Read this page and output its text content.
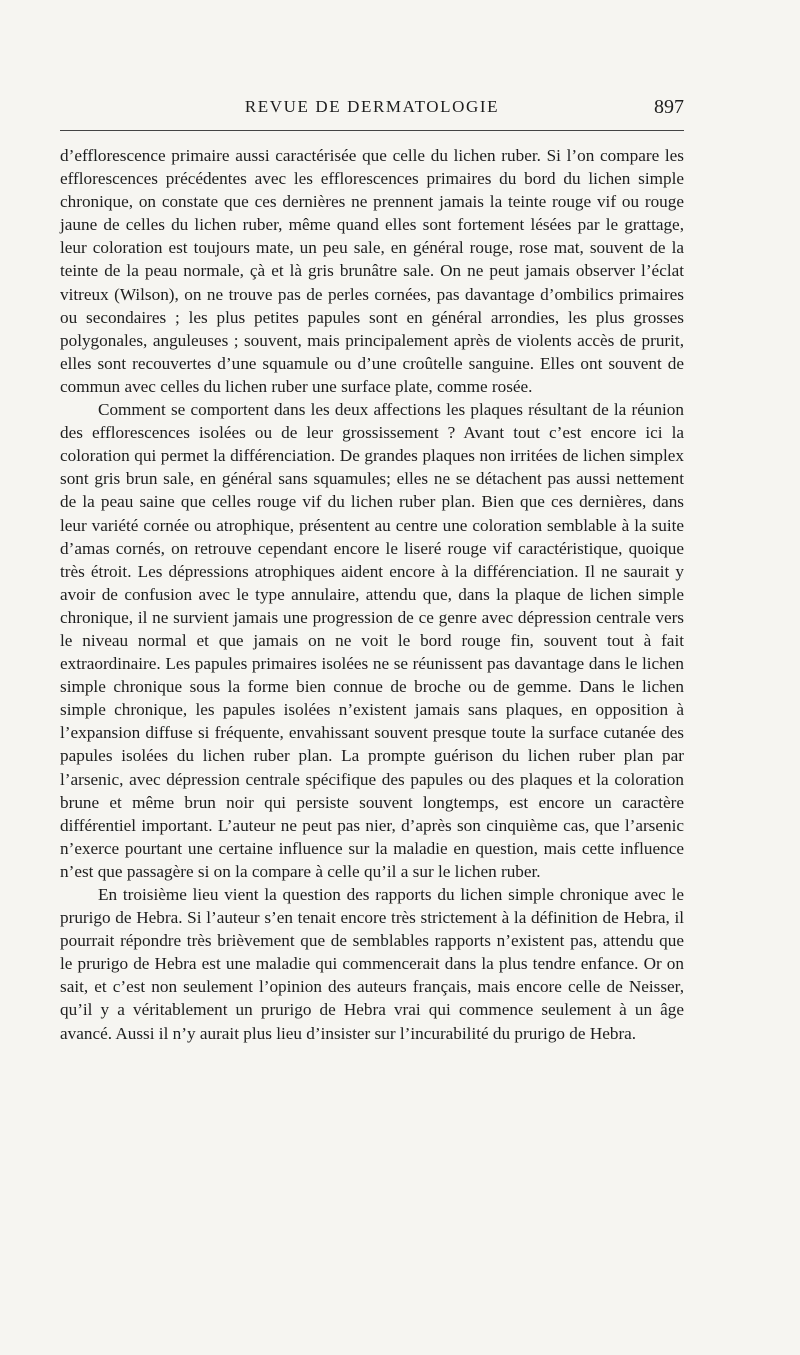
REVUE DE DERMATOLOGIE	897

d’efflorescence primaire aussi caractérisée que celle du lichen ruber. Si l’on compare les efflorescences précédentes avec les efflorescences primaires du bord du lichen simple chronique, on constate que ces dernières ne prennent jamais la teinte rouge vif ou rouge jaune de celles du lichen ruber, même quand elles sont fortement lésées par le grattage, leur coloration est toujours mate, un peu sale, en général rouge, rose mat, souvent de la teinte de la peau normale, çà et là gris brunâtre sale. On ne peut jamais observer l’éclat vitreux (Wilson), on ne trouve pas de perles cornées, pas davantage d’ombilics primaires ou secondaires ; les plus petites papules sont en général arrondies, les plus grosses polygonales, anguleuses ; souvent, mais principalement après de violents accès de prurit, elles sont recouvertes d’une squamule ou d’une croûtelle sanguine. Elles ont souvent de commun avec celles du lichen ruber une surface plate, comme rosée.

Comment se comportent dans les deux affections les plaques résultant de la réunion des efflorescences isolées ou de leur grossissement ? Avant tout c’est encore ici la coloration qui permet la différenciation. De grandes plaques non irritées de lichen simplex sont gris brun sale, en général sans squamules; elles ne se détachent pas aussi nettement de la peau saine que celles rouge vif du lichen ruber plan. Bien que ces dernières, dans leur variété cornée ou atrophique, présentent au centre une coloration semblable à la suite d’amas cornés, on retrouve cependant encore le liseré rouge vif caractéristique, quoique très étroit. Les dépressions atrophiques aident encore à la différenciation. Il ne saurait y avoir de confusion avec le type annulaire, attendu que, dans la plaque de lichen simple chronique, il ne survient jamais une progression de ce genre avec dépression centrale vers le niveau normal et que jamais on ne voit le bord rouge fin, souvent tout à fait extraordinaire. Les papules primaires isolées ne se réunissent pas davantage dans le lichen simple chronique sous la forme bien connue de broche ou de gemme. Dans le lichen simple chronique, les papules isolées n’existent jamais sans plaques, en opposition à l’expansion diffuse si fréquente, envahissant souvent presque toute la surface cutanée des papules isolées du lichen ruber plan. La prompte guérison du lichen ruber plan par l’arsenic, avec dépression centrale spécifique des papules ou des plaques et la coloration brune et même brun noir qui persiste souvent longtemps, est encore un caractère différentiel important. L’auteur ne peut pas nier, d’après son cinquième cas, que l’arsenic n’exerce pourtant une certaine influence sur la maladie en question, mais cette influence n’est que passagère si on la compare à celle qu’il a sur le lichen ruber.

En troisième lieu vient la question des rapports du lichen simple chronique avec le prurigo de Hebra. Si l’auteur s’en tenait encore très strictement à la définition de Hebra, il pourrait répondre très brièvement que de semblables rapports n’existent pas, attendu que le prurigo de Hebra est une maladie qui commencerait dans la plus tendre enfance. Or on sait, et c’est non seulement l’opinion des auteurs français, mais encore celle de Neisser, qu’il y a véritablement un prurigo de Hebra vrai qui commence seulement à un âge avancé. Aussi il n’y aurait plus lieu d’insister sur l’incurabilité du prurigo de Hebra.
